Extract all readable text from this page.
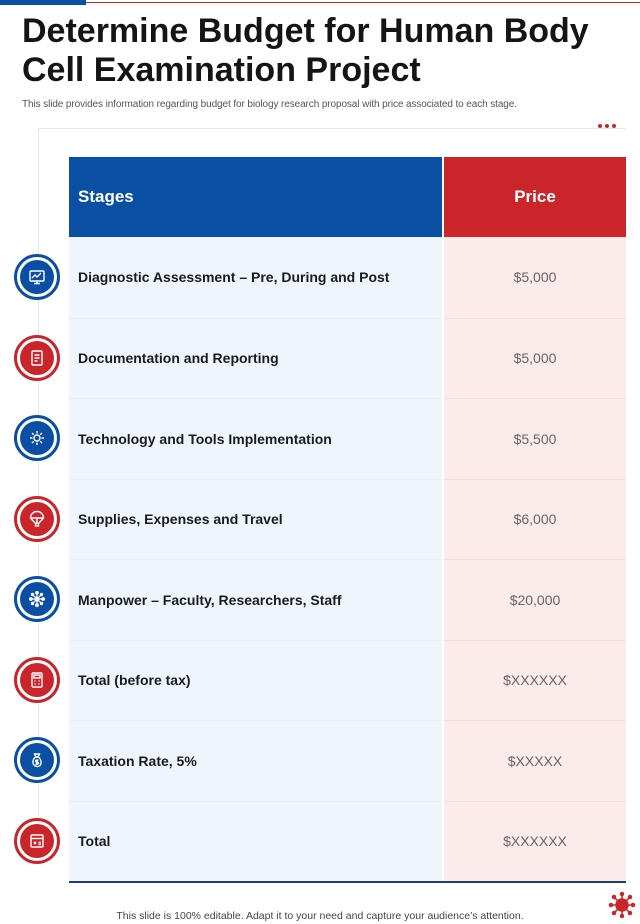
Determine Budget for Human Body Cell Examination Project

This slide provides information regarding budget for biology research proposal with price associated to each stage.

Stages	Price
Diagnostic Assessment – Pre, During and Post	$5,000
Documentation and Reporting	$5,000
Technology and Tools Implementation	$5,500
Supplies, Expenses and Travel	$6,000
Manpower – Faculty, Researchers, Staff	$20,000
Total (before tax)	$XXXXXX
Taxation Rate, 5%	$XXXXX
Total	$XXXXXX

This slide is 100% editable. Adapt it to your need and capture your audience’s attention.
